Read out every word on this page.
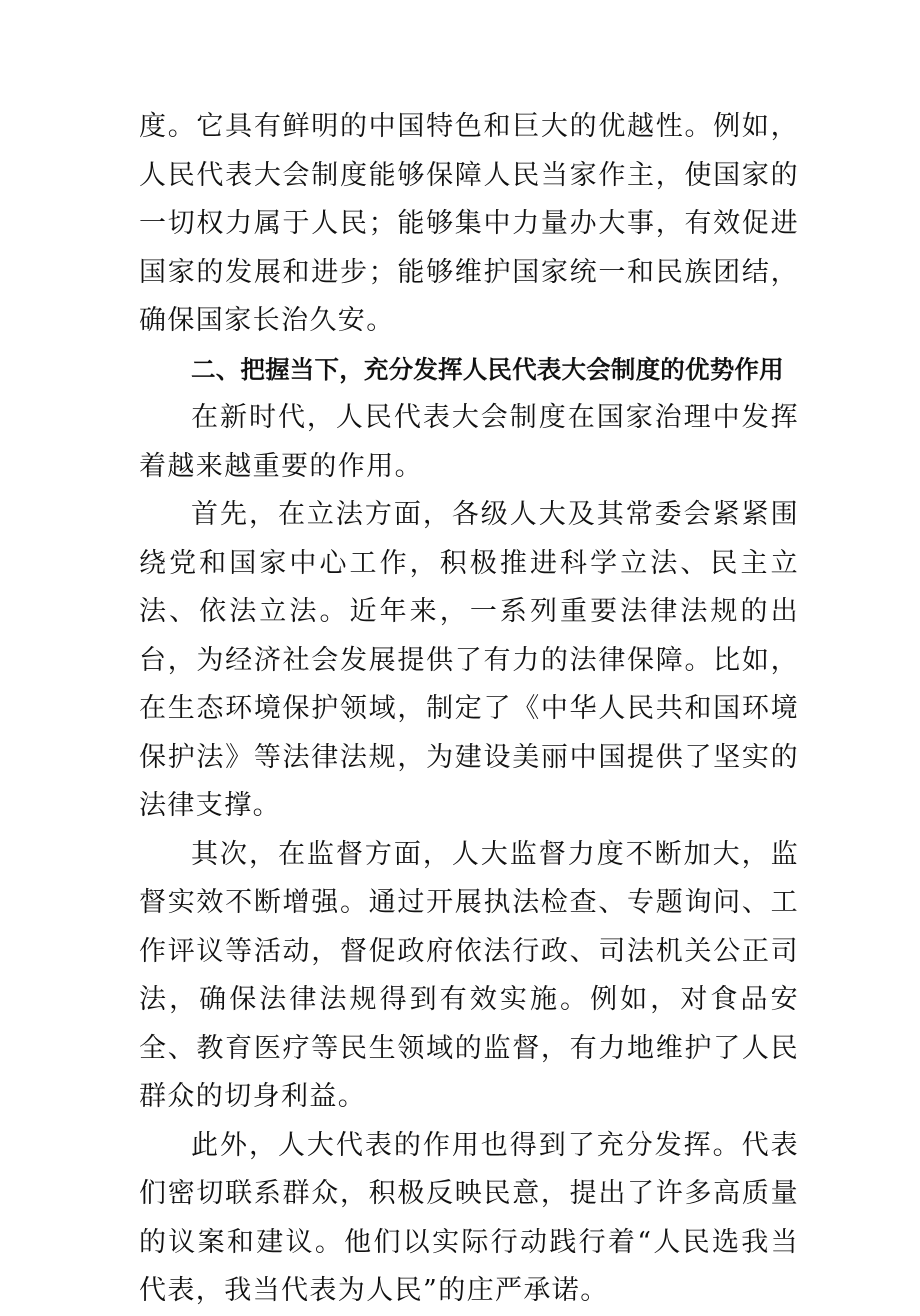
度。它具有鲜明的中国特色和巨大的优越性。例如，人民代表大会制度能够保障人民当家作主，使国家的一切权力属于人民；能够集中力量办大事，有效促进国家的发展和进步；能够维护国家统一和民族团结，确保国家长治久安。

二、把握当下，充分发挥人民代表大会制度的优势作用

在新时代，人民代表大会制度在国家治理中发挥着越来越重要的作用。

首先，在立法方面，各级人大及其常委会紧紧围绕党和国家中心工作，积极推进科学立法、民主立法、依法立法。近年来，一系列重要法律法规的出台，为经济社会发展提供了有力的法律保障。比如，在生态环境保护领域，制定了《中华人民共和国环境保护法》等法律法规，为建设美丽中国提供了坚实的法律支撑。

其次，在监督方面，人大监督力度不断加大，监督实效不断增强。通过开展执法检查、专题询问、工作评议等活动，督促政府依法行政、司法机关公正司法，确保法律法规得到有效实施。例如，对食品安全、教育医疗等民生领域的监督，有力地维护了人民群众的切身利益。

此外，人大代表的作用也得到了充分发挥。代表们密切联系群众，积极反映民意，提出了许多高质量的议案和建议。他们以实际行动践行着“人民选我当代表，我当代表为人民”的庄严承诺。
